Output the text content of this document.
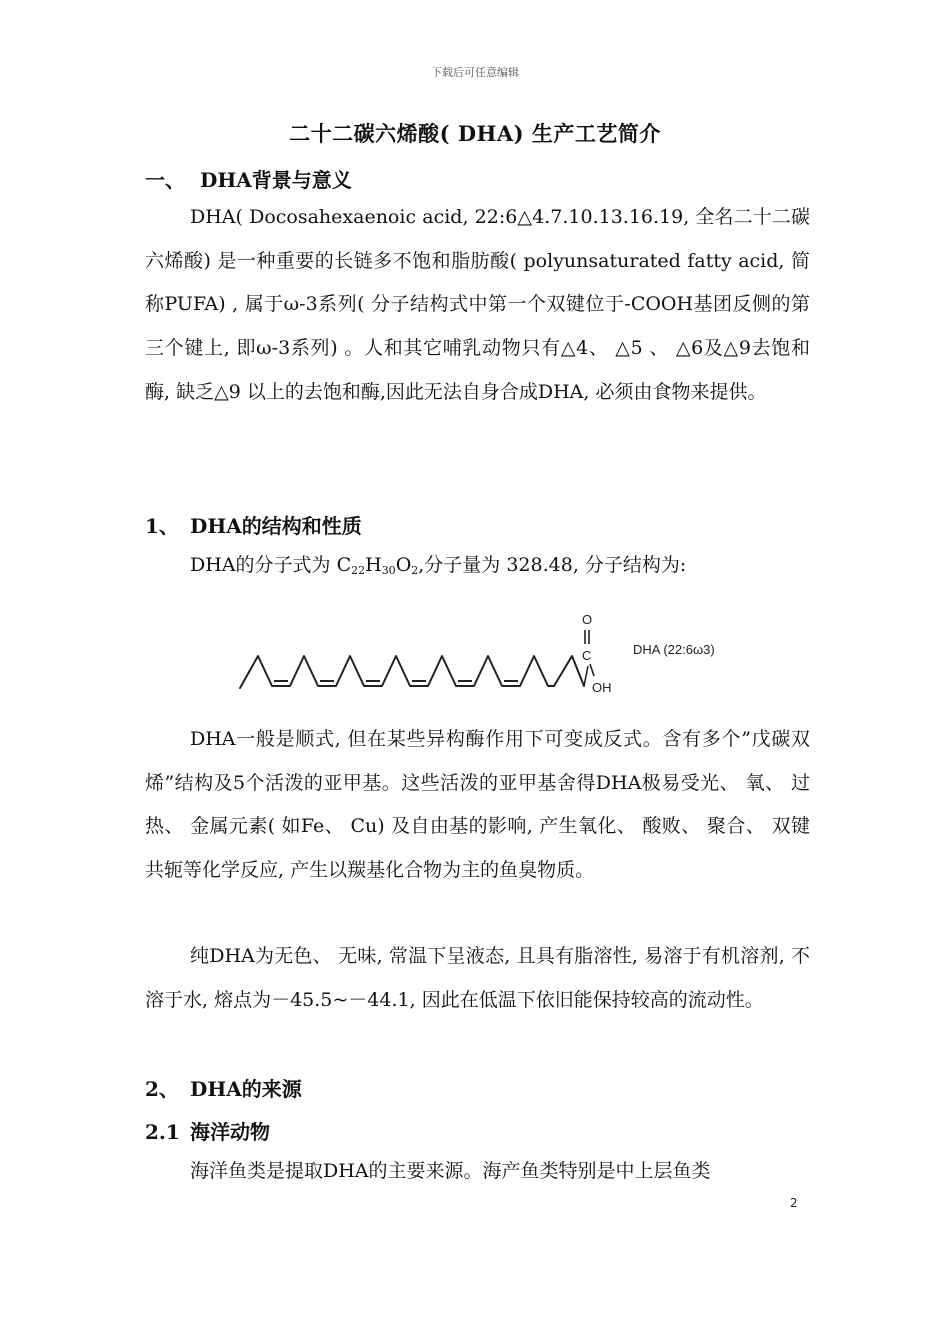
下载后可任意编辑
二十二碳六烯酸( DHA) 生产工艺简介
一、 DHA背景与意义

DHA( Docosahexaenoic acid, 22:6△4.7.10.13.16.19, 全名二十二碳六烯酸) 是一种重要的长链多不饱和脂肪酸( polyunsaturated fatty acid, 简称PUFA) , 属于ω-3系列( 分子结构式中第一个双键位于-COOH基团反侧的第三个键上, 即ω-3系列) 。人和其它哺乳动物只有△4、 △5 、 △6及△9去饱和酶, 缺乏△9 以上的去饱和酶,因此无法自身合成DHA, 必须由食物来提供。

1、 DHA的结构和性质
DHA的分子式为 $C_{22}H_{30}O_2$,分子量为 328.48, 分子结构为:
O
C
OH
DHA (22:6ω3)

DHA一般是顺式, 但在某些异构酶作用下可变成反式。含有多个”戊碳双烯”结构及5个活泼的亚甲基。这些活泼的亚甲基舍得DHA极易受光、 氧、 过热、 金属元素( 如Fe、 Cu) 及自由基的影响, 产生氧化、 酸败、 聚合、 双键共轭等化学反应, 产生以羰基化合物为主的鱼臭物质。

纯DHA为无色、 无味, 常温下呈液态, 且具有脂溶性, 易溶于有机溶剂, 不溶于水, 熔点为－45.5~－44.1, 因此在低温下依旧能保持较高的流动性。

2、 DHA的来源
2.1 海洋动物

海洋鱼类是提取DHA的主要来源。海产鱼类特别是中上层鱼类

2
